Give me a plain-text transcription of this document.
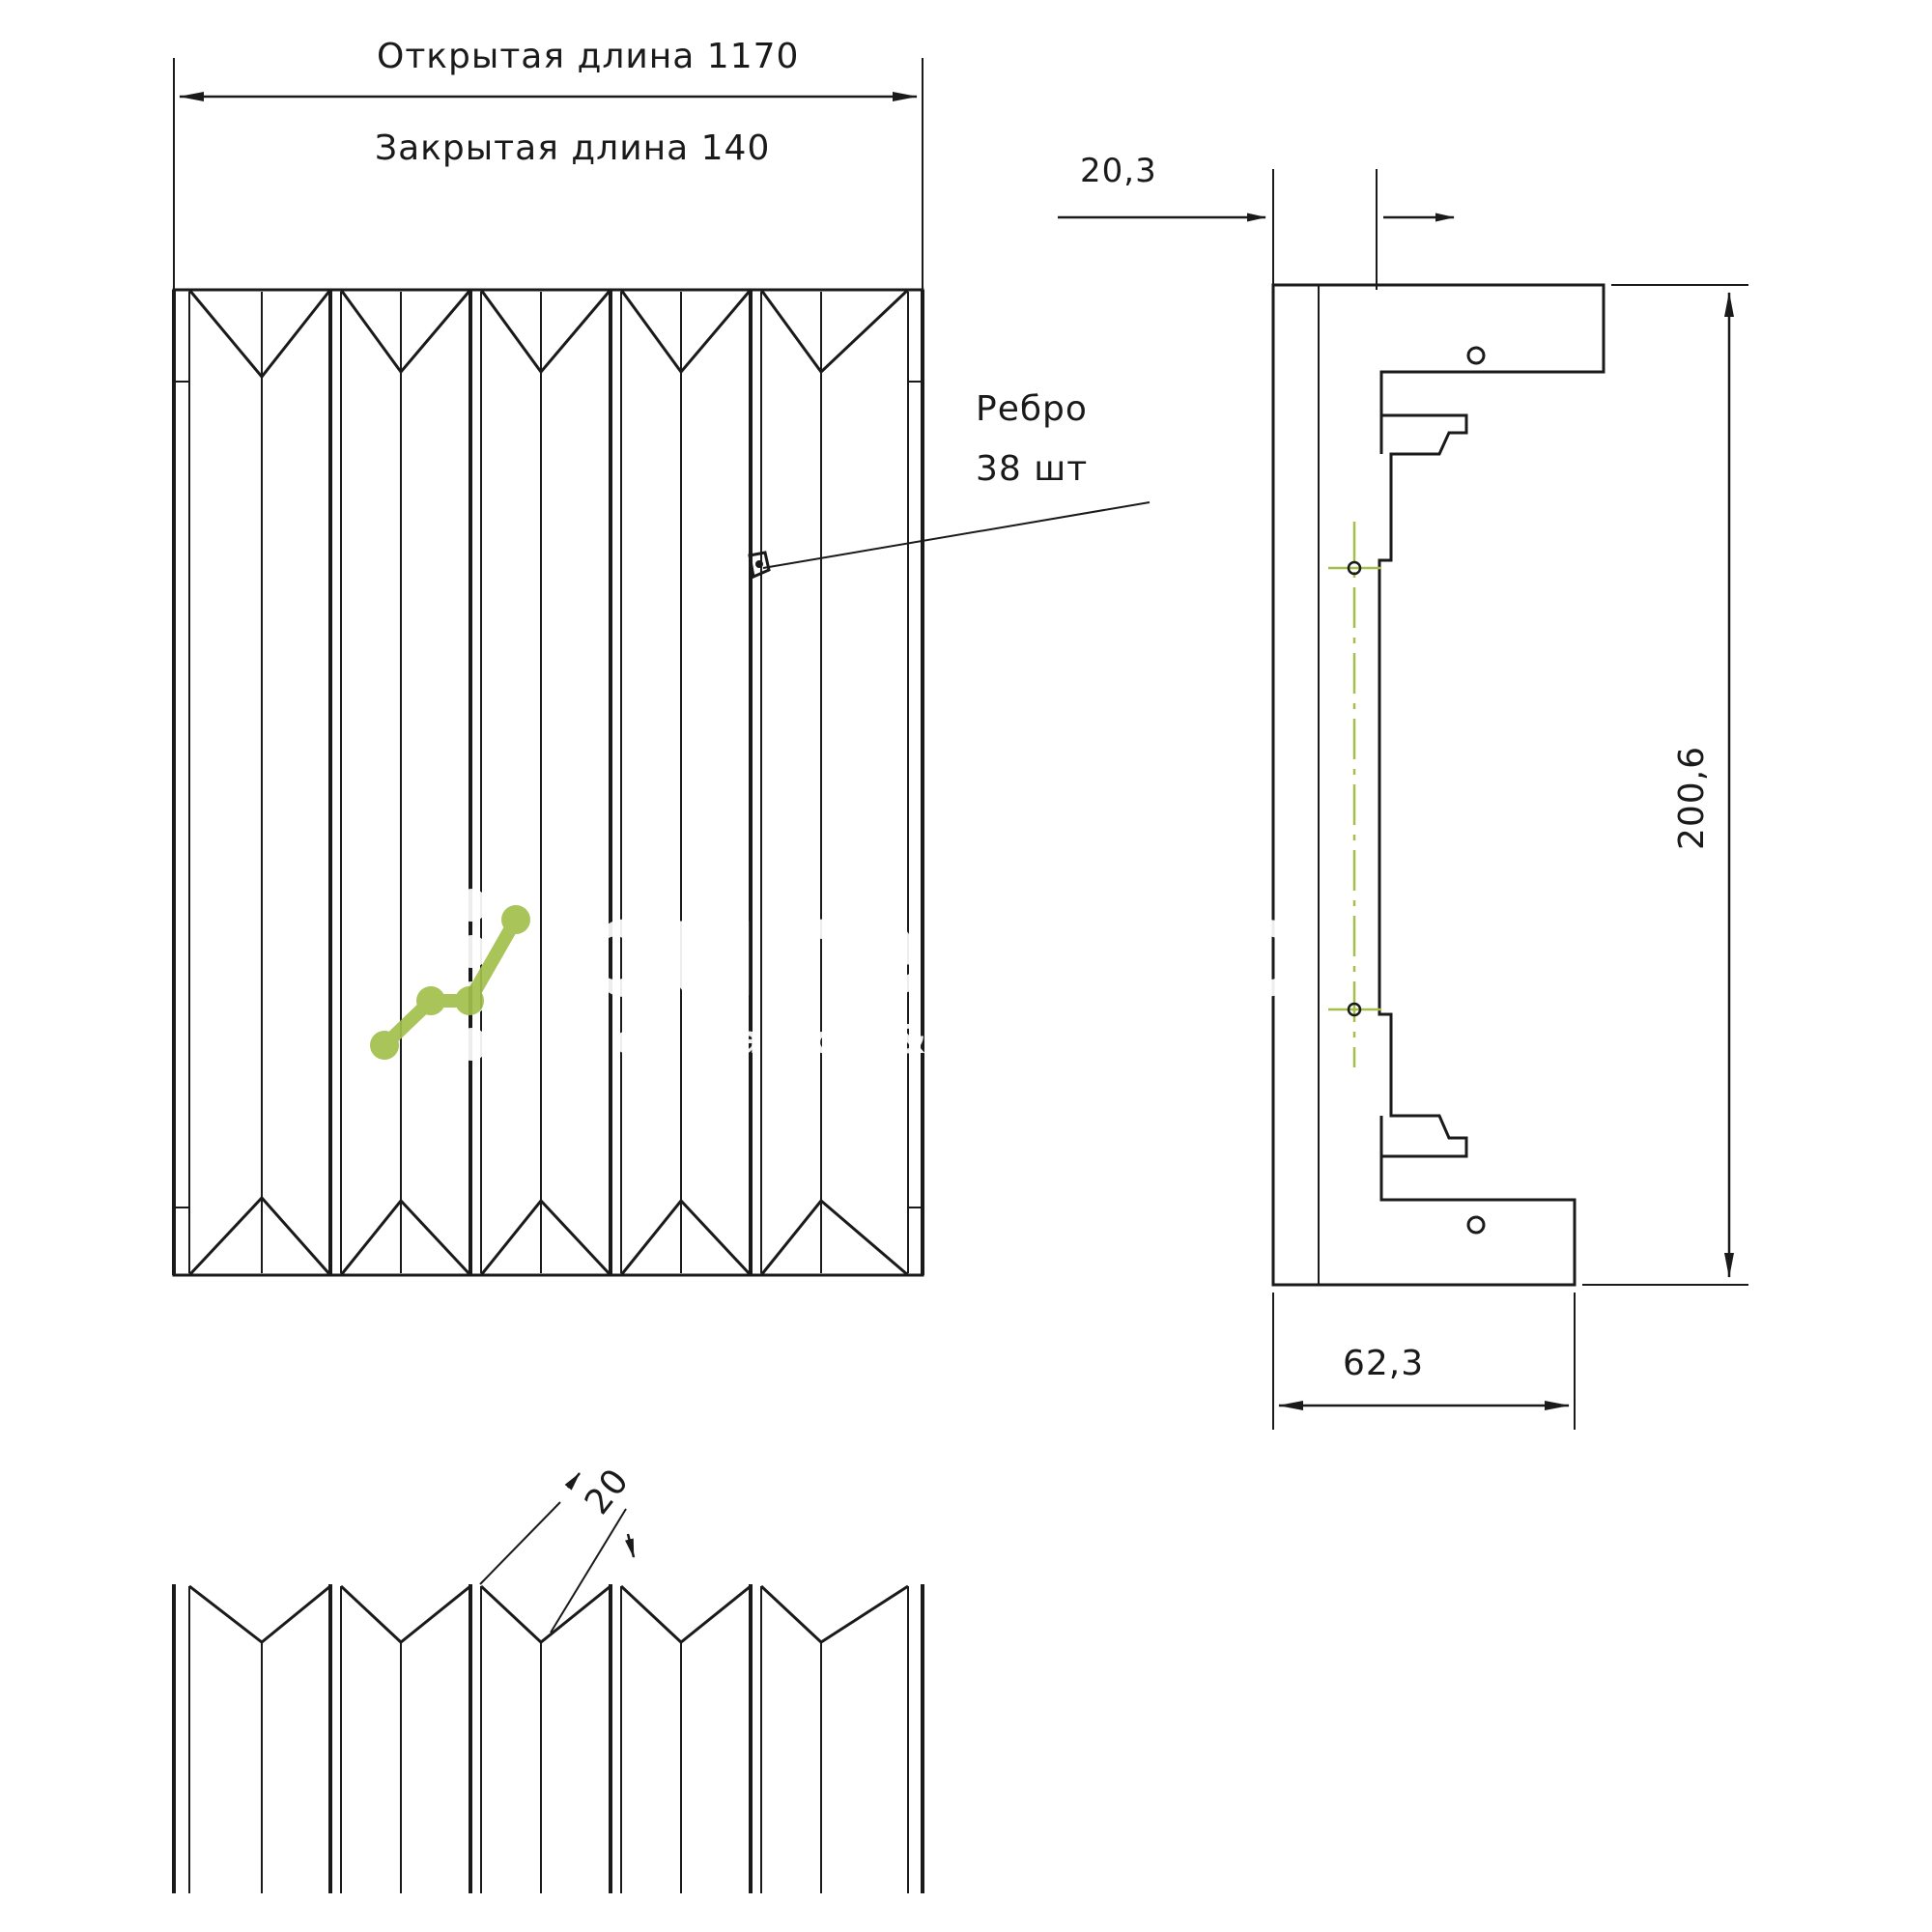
Открытая длина 1170
Закрытая длина 140
Ребро
38 шт
20,3
200,6
62,3
20
purelogic
r e s e a r c h & d e v e l o p m e n t
